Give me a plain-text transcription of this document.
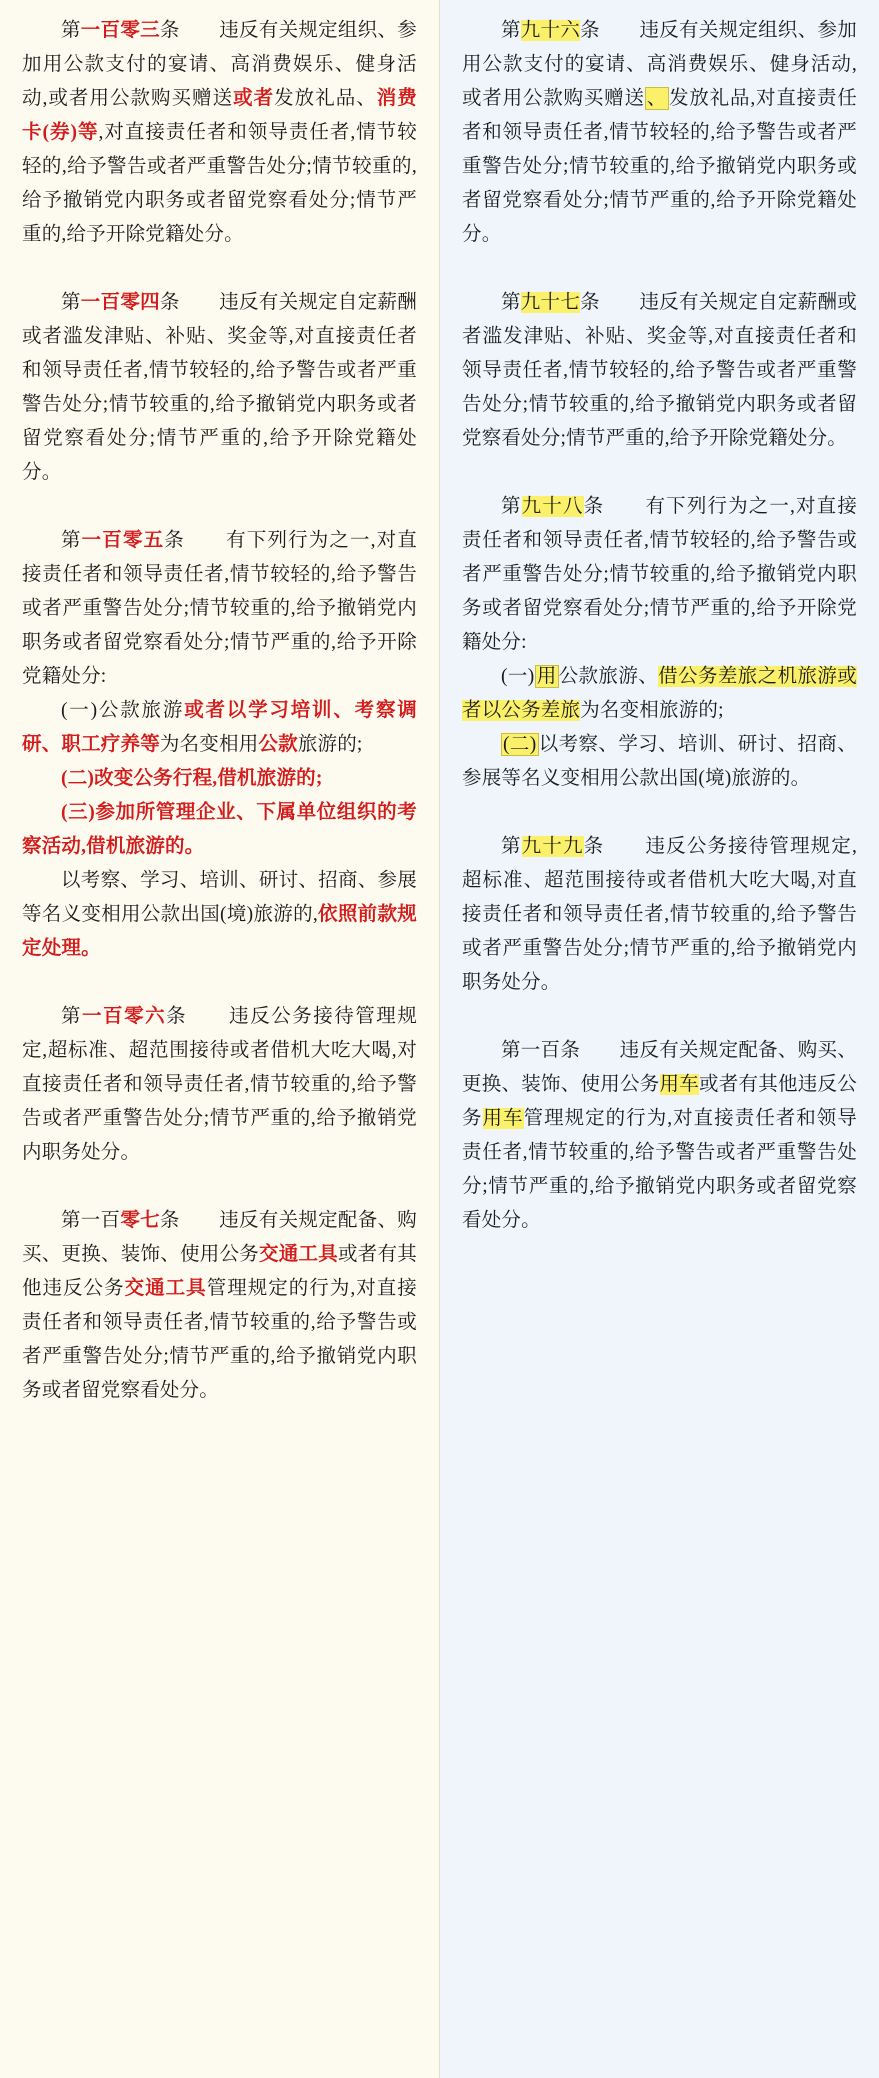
第一百零三条　　违反有关规定组织、参加用公款支付的宴请、高消费娱乐、健身活动,或者用公款购买赠送或者发放礼品、消费卡(券)等,对直接责任者和领导责任者,情节较轻的,给予警告或者严重警告处分;情节较重的,给予撤销党内职务或者留党察看处分;情节严重的,给予开除党籍处分。

第一百零四条　　违反有关规定自定薪酬或者滥发津贴、补贴、奖金等,对直接责任者和领导责任者,情节较轻的,给予警告或者严重警告处分;情节较重的,给予撤销党内职务或者留党察看处分;情节严重的,给予开除党籍处分。

第一百零五条　　有下列行为之一,对直接责任者和领导责任者,情节较轻的,给予警告或者严重警告处分;情节较重的,给予撤销党内职务或者留党察看处分;情节严重的,给予开除党籍处分:

(一)公款旅游或者以学习培训、考察调研、职工疗养等为名变相用公款旅游的;

(二)改变公务行程,借机旅游的;

(三)参加所管理企业、下属单位组织的考察活动,借机旅游的。

以考察、学习、培训、研讨、招商、参展等名义变相用公款出国(境)旅游的,依照前款规定处理。

第一百零六条　　违反公务接待管理规定,超标准、超范围接待或者借机大吃大喝,对直接责任者和领导责任者,情节较重的,给予警告或者严重警告处分;情节严重的,给予撤销党内职务处分。

第一百零七条　　违反有关规定配备、购买、更换、装饰、使用公务交通工具或者有其他违反公务交通工具管理规定的行为,对直接责任者和领导责任者,情节较重的,给予警告或者严重警告处分;情节严重的,给予撤销党内职务或者留党察看处分。

第九十六条　　违反有关规定组织、参加用公款支付的宴请、高消费娱乐、健身活动,或者用公款购买赠送 、 发放礼品,对直接责任者和领导责任者,情节较轻的,给予警告或者严重警告处分;情节较重的,给予撤销党内职务或者留党察看处分;情节严重的,给予开除党籍处分。

第九十七条　　违反有关规定自定薪酬或者滥发津贴、补贴、奖金等,对直接责任者和领导责任者,情节较轻的,给予警告或者严重警告处分;情节较重的,给予撤销党内职务或者留党察看处分;情节严重的,给予开除党籍处分。

第九十八条　　有下列行为之一,对直接责任者和领导责任者,情节较轻的,给予警告或者严重警告处分;情节较重的,给予撤销党内职务或者留党察看处分;情节严重的,给予开除党籍处分:

(一) 用 公款旅游、借公务差旅之机旅游或者以公务差旅为名变相旅游的;

(二) 以考察、学习、培训、研讨、招商、参展等名义变相用公款出国(境)旅游的。

第九十九条　　违反公务接待管理规定,超标准、超范围接待或者借机大吃大喝,对直接责任者和领导责任者,情节较重的,给予警告或者严重警告处分;情节严重的,给予撤销党内职务处分。

第一百条　　违反有关规定配备、购买、更换、装饰、使用公务用车或者有其他违反公务用车管理规定的行为,对直接责任者和领导责任者,情节较重的,给予警告或者严重警告处分;情节严重的,给予撤销党内职务或者留党察看处分。
